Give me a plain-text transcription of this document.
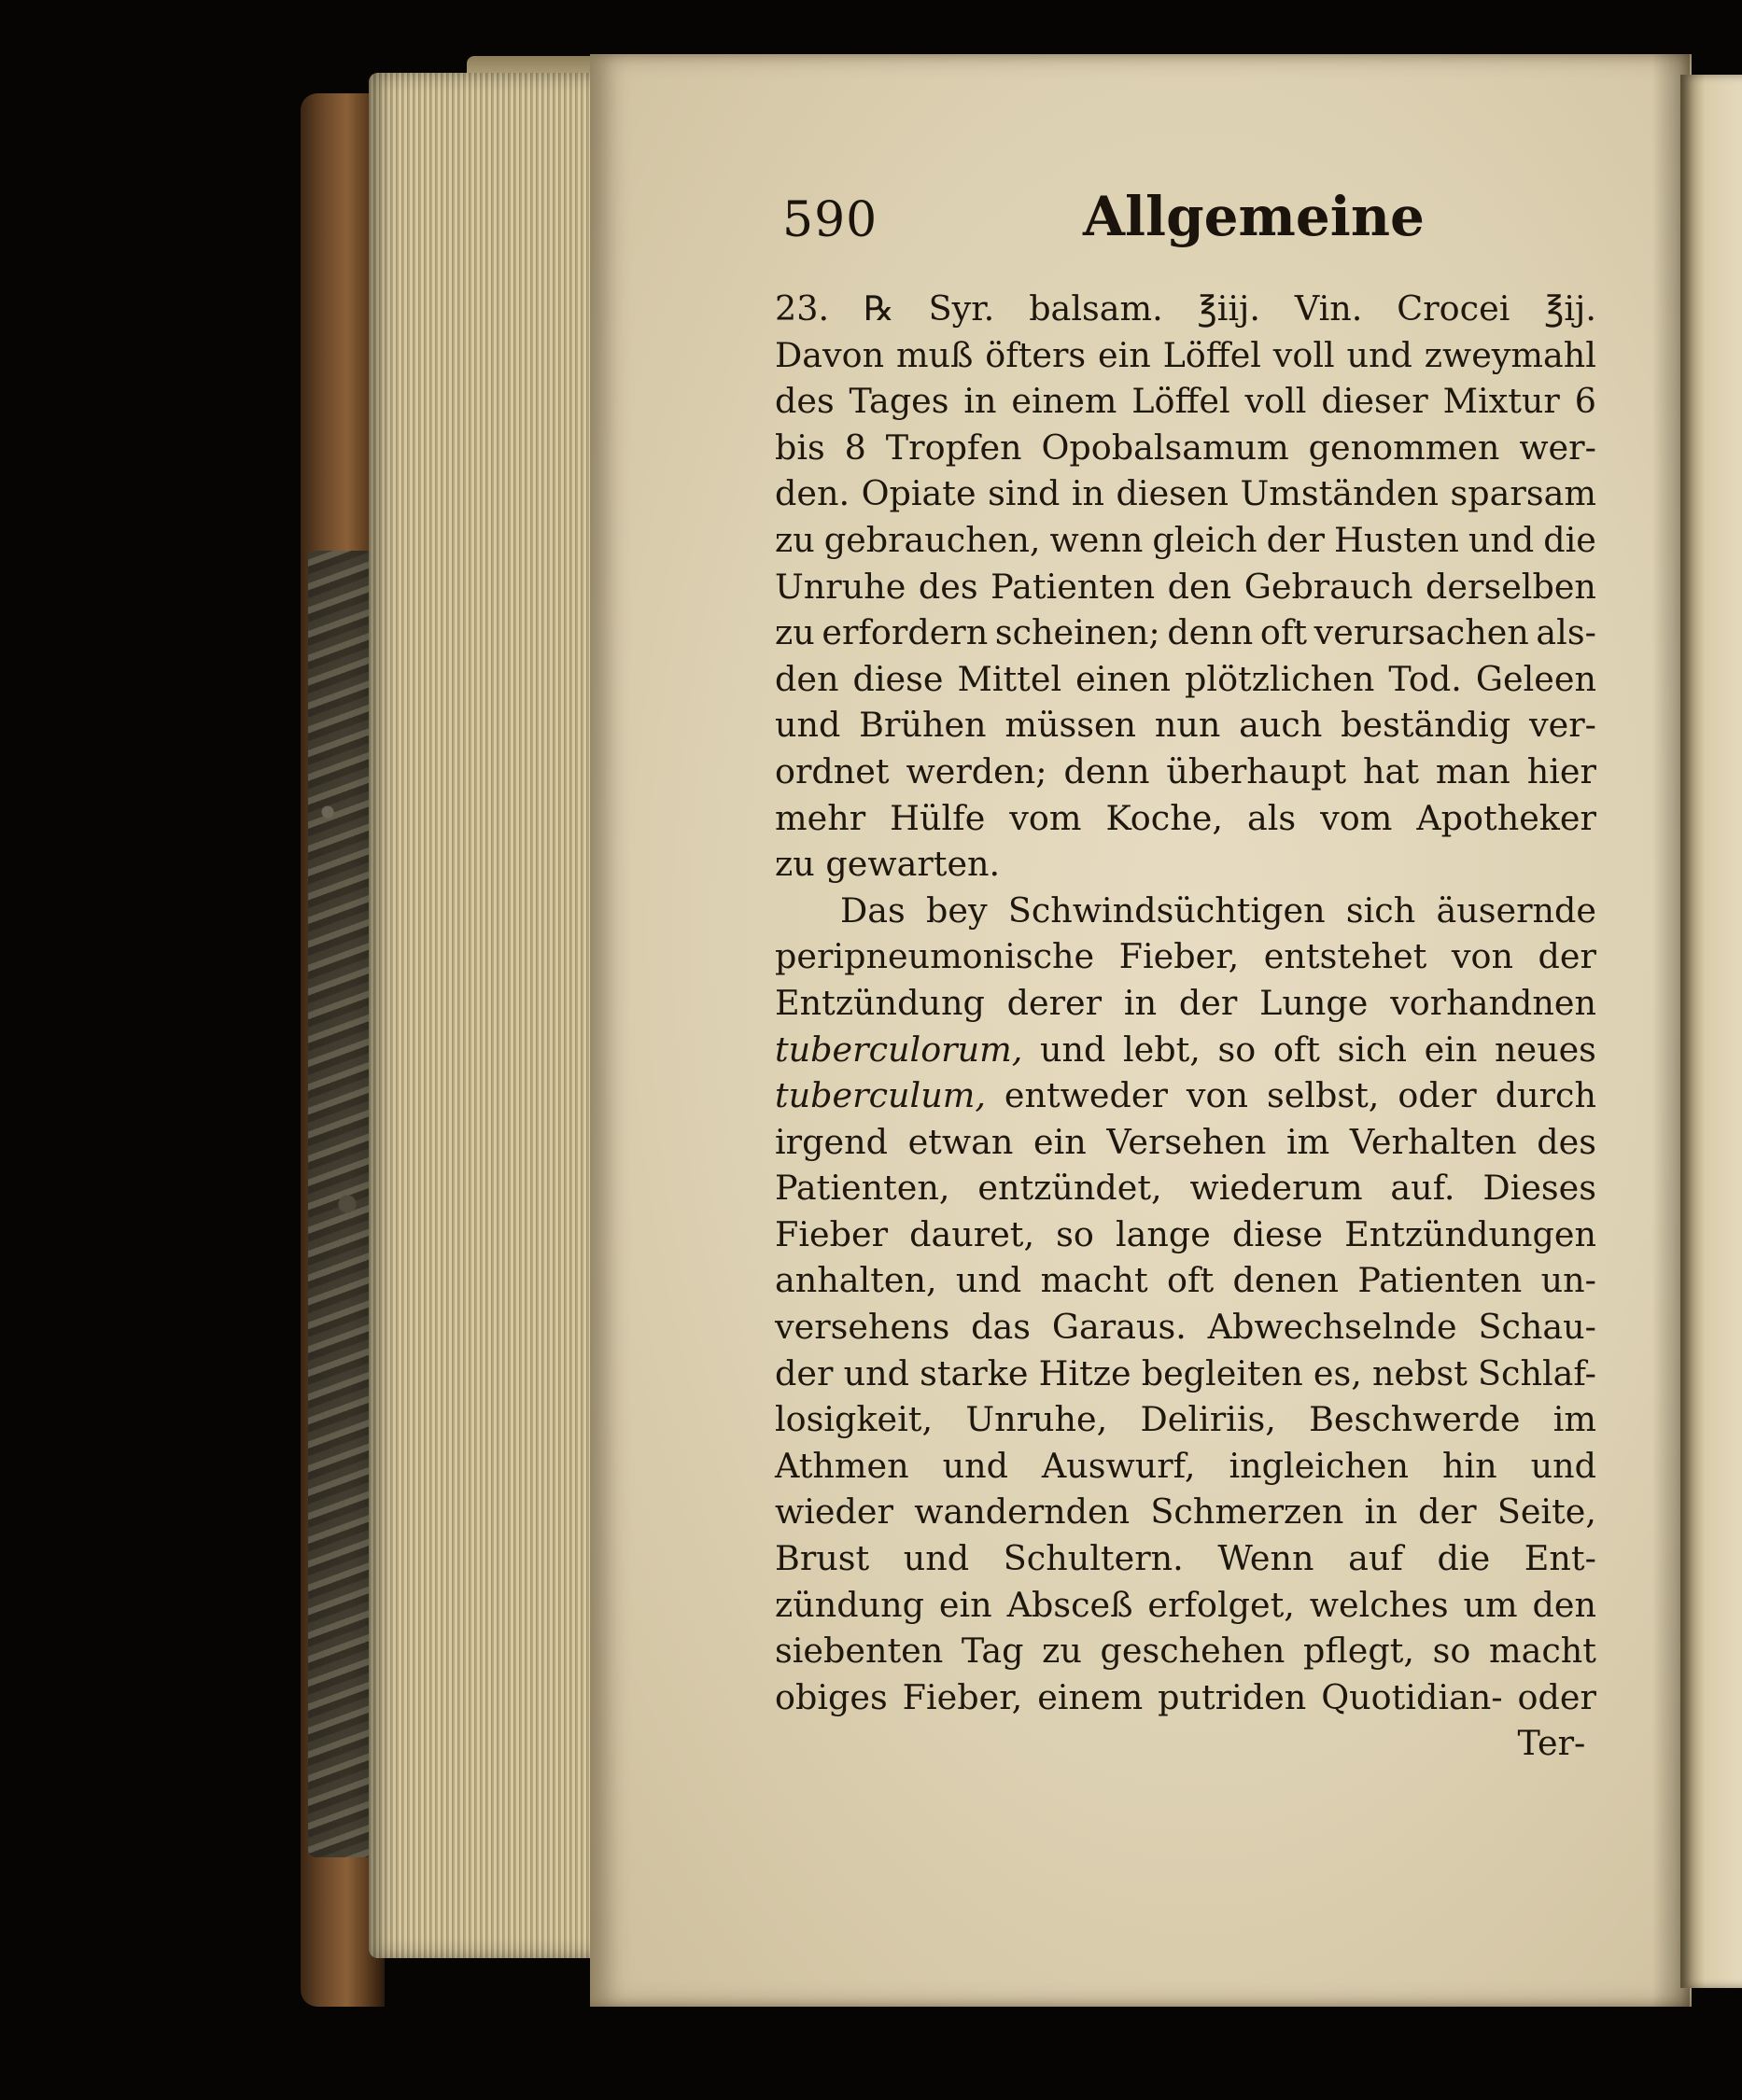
590	Allgemeine
23. ℞ Syr. balsam. ℥iij. Vin. Crocei ℥ij.
Davon muß öfters ein Löffel voll und zweymahl
des Tages in einem Löffel voll dieser Mixtur 6
bis 8 Tropfen Opobalsamum genommen wer-
den. Opiate sind in diesen Umständen sparsam
zu gebrauchen, wenn gleich der Husten und die
Unruhe des Patienten den Gebrauch derselben
zu erfordern scheinen; denn oft verursachen als-
den diese Mittel einen plötzlichen Tod. Geleen
und Brühen müssen nun auch beständig ver-
ordnet werden; denn überhaupt hat man hier
mehr Hülfe vom Koche, als vom Apotheker
zu
gewarten.

Das bey Schwindsüchtigen sich äusernde
peripneumonische Fieber, entstehet von der
Entzündung derer in der Lunge vorhandnen
tuberculorum, und lebt, so oft sich ein neues
tuberculum, entweder von selbst, oder durch
irgend etwan ein Versehen im Verhalten des
Patienten, entzündet, wiederum auf. Dieses
Fieber dauret, so lange diese Entzündungen
anhalten, und macht oft denen Patienten un-
versehens das Garaus. Abwechselnde Schau-
der und starke Hitze begleiten es, nebst Schlaf-
losigkeit, Unruhe, Deliriis, Beschwerde im
Athmen und Auswurf, ingleichen hin und
wieder wandernden Schmerzen in der Seite,
Brust und Schultern. Wenn auf die Ent-
zündung ein Absceß erfolget, welches um den
siebenten Tag zu geschehen pflegt, so macht
obiges Fieber, einem putriden Quotidian- oder
Ter-
